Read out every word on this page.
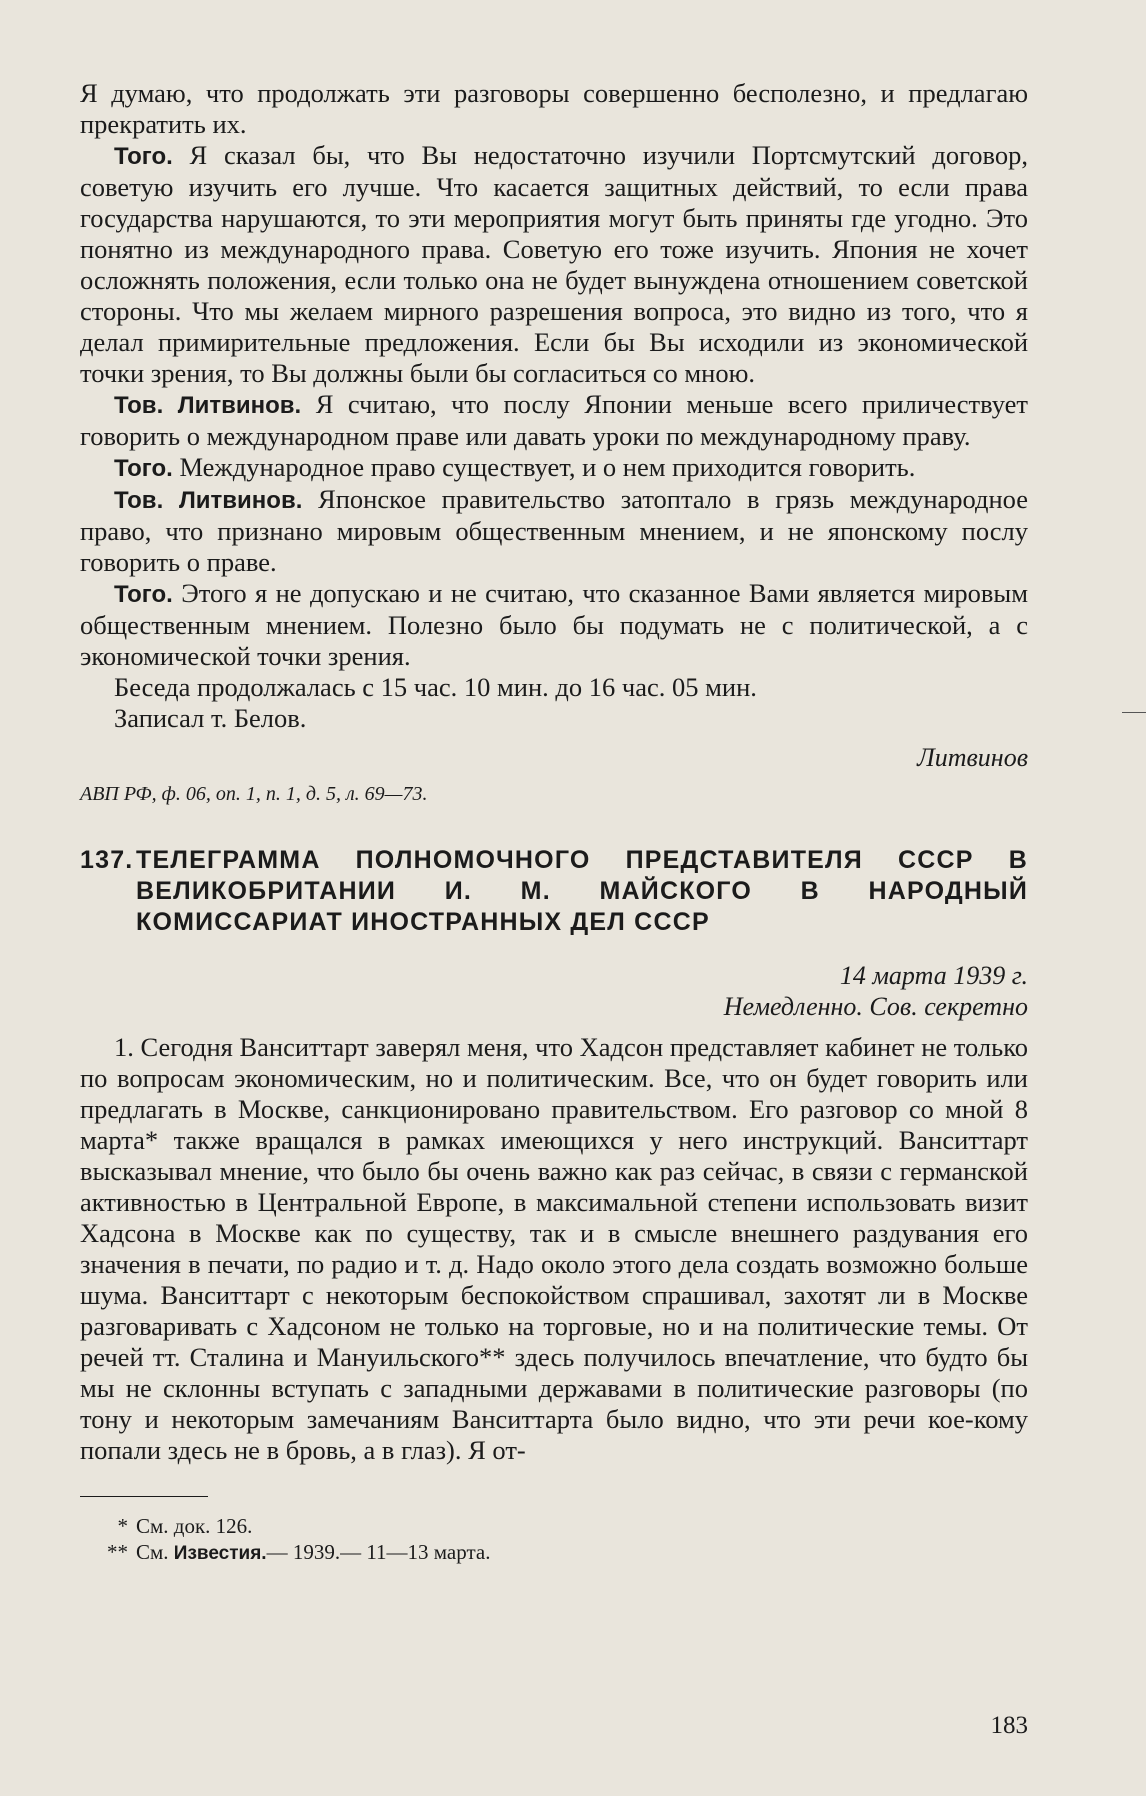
Я думаю, что продолжать эти разговоры совершенно бесполезно, и предлагаю прекратить их.

Того. Я сказал бы, что Вы недостаточно изучили Портсмутский договор, советую изучить его лучше. Что касается защитных действий, то если права государства нарушаются, то эти мероприятия могут быть приняты где угодно. Это понятно из международного права. Советую его тоже изучить. Япония не хочет осложнять положения, если только она не будет вынуждена отношением советской стороны. Что мы желаем мирного разрешения вопроса, это видно из того, что я делал примирительные предложения. Если бы Вы исходили из экономической точки зрения, то Вы должны были бы согласиться со мною.

Тов. Литвинов. Я считаю, что послу Японии меньше всего приличествует говорить о международном праве или давать уроки по международному праву.

Того. Международное право существует, и о нем приходится говорить.

Тов. Литвинов. Японское правительство затоптало в грязь международное право, что признано мировым общественным мнением, и не японскому послу говорить о праве.

Того. Этого я не допускаю и не считаю, что сказанное Вами является мировым общественным мнением. Полезно было бы подумать не с политической, а с экономической точки зрения.

Беседа продолжалась с 15 час. 10 мин. до 16 час. 05 мин.

Записал т. Белов.

Литвинов

АВП РФ, ф. 06, оп. 1, п. 1, д. 5, л. 69—73.

137. ТЕЛЕГРАММА ПОЛНОМОЧНОГО ПРЕДСТАВИТЕЛЯ СССР В ВЕЛИКОБРИТАНИИ И. М. МАЙСКОГО В НАРОДНЫЙ КОМИССАРИАТ ИНОСТРАННЫХ ДЕЛ СССР

14 марта 1939 г.

Немедленно. Сов. секретно

1. Сегодня Ванситтарт заверял меня, что Хадсон представляет кабинет не только по вопросам экономическим, но и политическим. Все, что он будет говорить или предлагать в Москве, санкционировано правительством. Его разговор со мной 8 марта* также вращался в рамках имеющихся у него инструкций. Ванситтарт высказывал мнение, что было бы очень важно как раз сейчас, в связи с германской активностью в Центральной Европе, в максимальной степени использовать визит Хадсона в Москве как по существу, так и в смысле внешнего раздувания его значения в печати, по радио и т. д. Надо около этого дела создать возможно больше шума. Ванситтарт с некоторым беспокойством спрашивал, захотят ли в Москве разговаривать с Хадсоном не только на торговые, но и на политические темы. От речей тт. Сталина и Мануильского** здесь получилось впечатление, что будто бы мы не склонны вступать с западными державами в политические разговоры (по тону и некоторым замечаниям Ванситтарта было видно, что эти речи кое-кому попали здесь не в бровь, а в глаз). Я от-

* См. док. 126.
** См. Известия.— 1939.— 11—13 марта.
183
